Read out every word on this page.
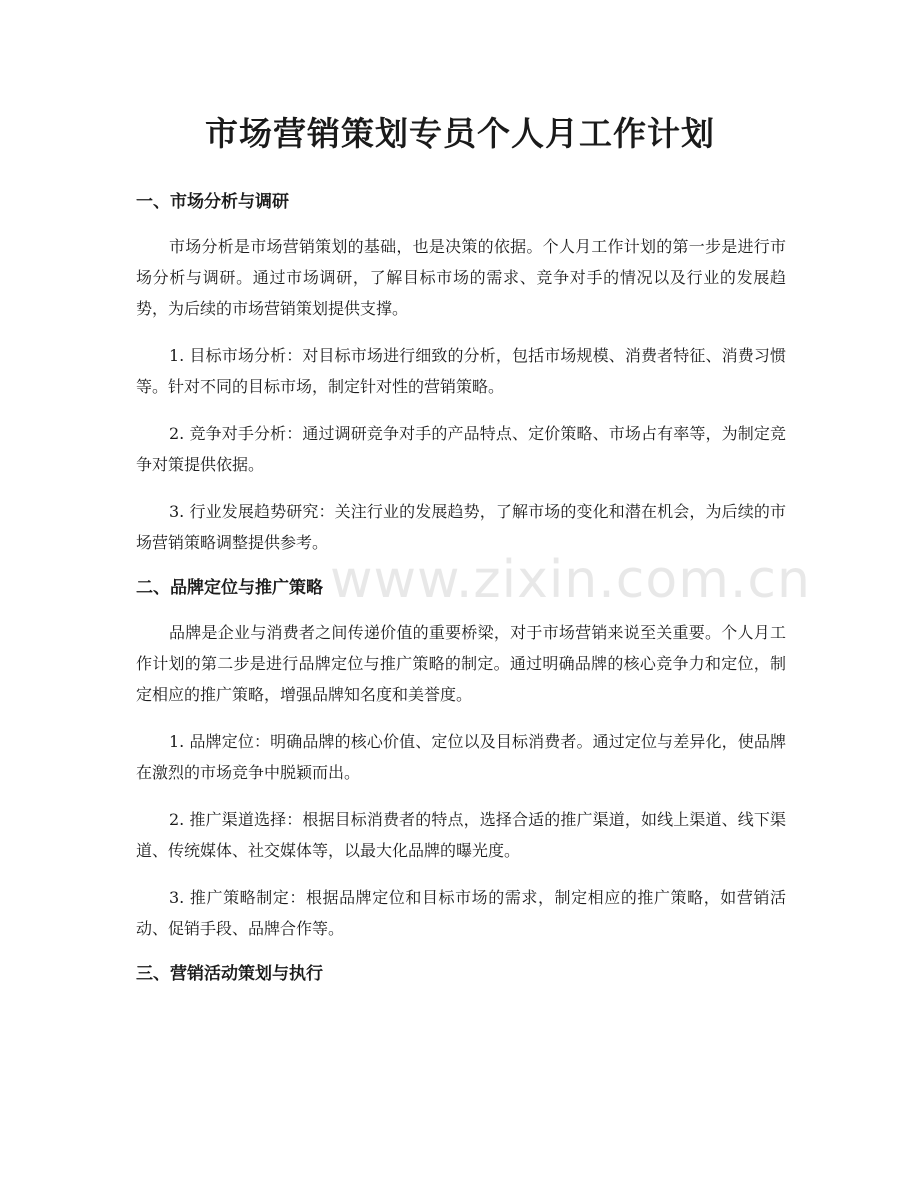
市场营销策划专员个人月工作计划
一、市场分析与调研

市场分析是市场营销策划的基础，也是决策的依据。个人月工作计划的第一步是进行市场分析与调研。通过市场调研，了解目标市场的需求、竞争对手的情况以及行业的发展趋势，为后续的市场营销策划提供支撑。

1. 目标市场分析：对目标市场进行细致的分析，包括市场规模、消费者特征、消费习惯等。针对不同的目标市场，制定针对性的营销策略。

2. 竞争对手分析：通过调研竞争对手的产品特点、定价策略、市场占有率等，为制定竞争对策提供依据。

3. 行业发展趋势研究：关注行业的发展趋势，了解市场的变化和潜在机会，为后续的市场营销策略调整提供参考。

二、品牌定位与推广策略

品牌是企业与消费者之间传递价值的重要桥梁，对于市场营销来说至关重要。个人月工作计划的第二步是进行品牌定位与推广策略的制定。通过明确品牌的核心竞争力和定位，制定相应的推广策略，增强品牌知名度和美誉度。

1. 品牌定位：明确品牌的核心价值、定位以及目标消费者。通过定位与差异化，使品牌在激烈的市场竞争中脱颖而出。

2. 推广渠道选择：根据目标消费者的特点，选择合适的推广渠道，如线上渠道、线下渠道、传统媒体、社交媒体等，以最大化品牌的曝光度。

3. 推广策略制定：根据品牌定位和目标市场的需求，制定相应的推广策略，如营销活动、促销手段、品牌合作等。

三、营销活动策划与执行
www.zixin.com.cn
